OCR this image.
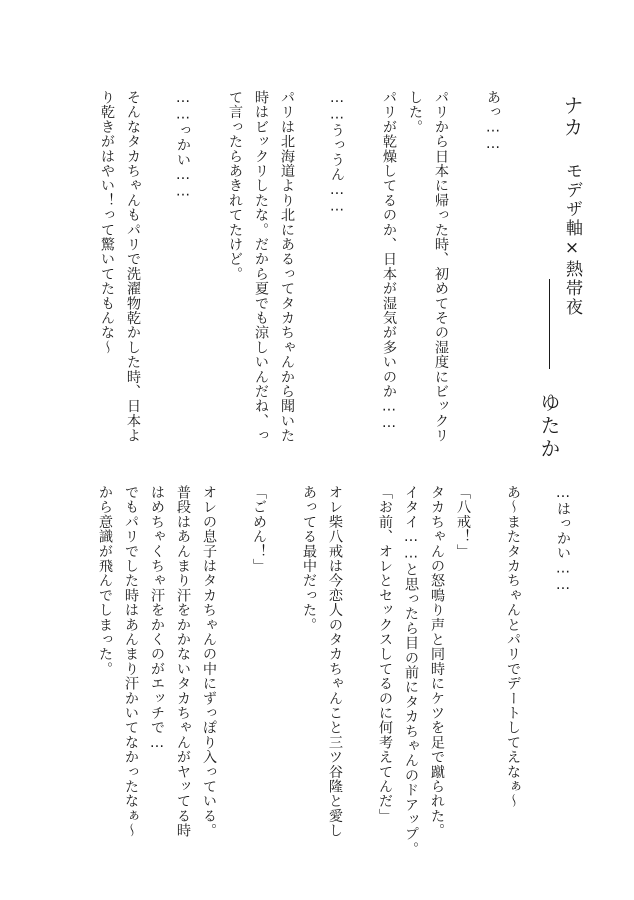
ナカ
モデザ軸×熱帯夜
ゆたか
あっ……
パリから日本に帰った時、初めてその湿度にビックリ
した。
パリが乾燥してるのか、日本が湿気が多いのか……
……うっうん……
パリは北海道より北にあるってタカちゃんから聞いた
時はビックリしたな。だから夏でも涼しいんだね、っ
て言ったらあきれてたけど。
……っかい……
そんなタカちゃんもパリで洗濯物乾かした時、日本よ
り乾きがはやい！って驚いてたもんな～
…はっかい……
あ～またタカちゃんとパリでデートしてえなぁ～
「八戒！」
タカちゃんの怒鳴り声と同時にケツを足で蹴られた。
イタイ……と思ったら目の前にタカちゃんのドアップ。
「お前、オレとセックスしてるのに何考えてんだ」
オレ柴八戒は今恋人のタカちゃんこと三ツ谷隆と愛し
あってる最中だった。
「ごめん！」
オレの息子はタカちゃんの中にずっぽり入っている。
普段はあんまり汗をかかないタカちゃんがヤッてる時
はめちゃくちゃ汗をかくのがエッチで…
でもパリでした時はあんまり汗かいてなかったなぁ～
から意識が飛んでしまった。
